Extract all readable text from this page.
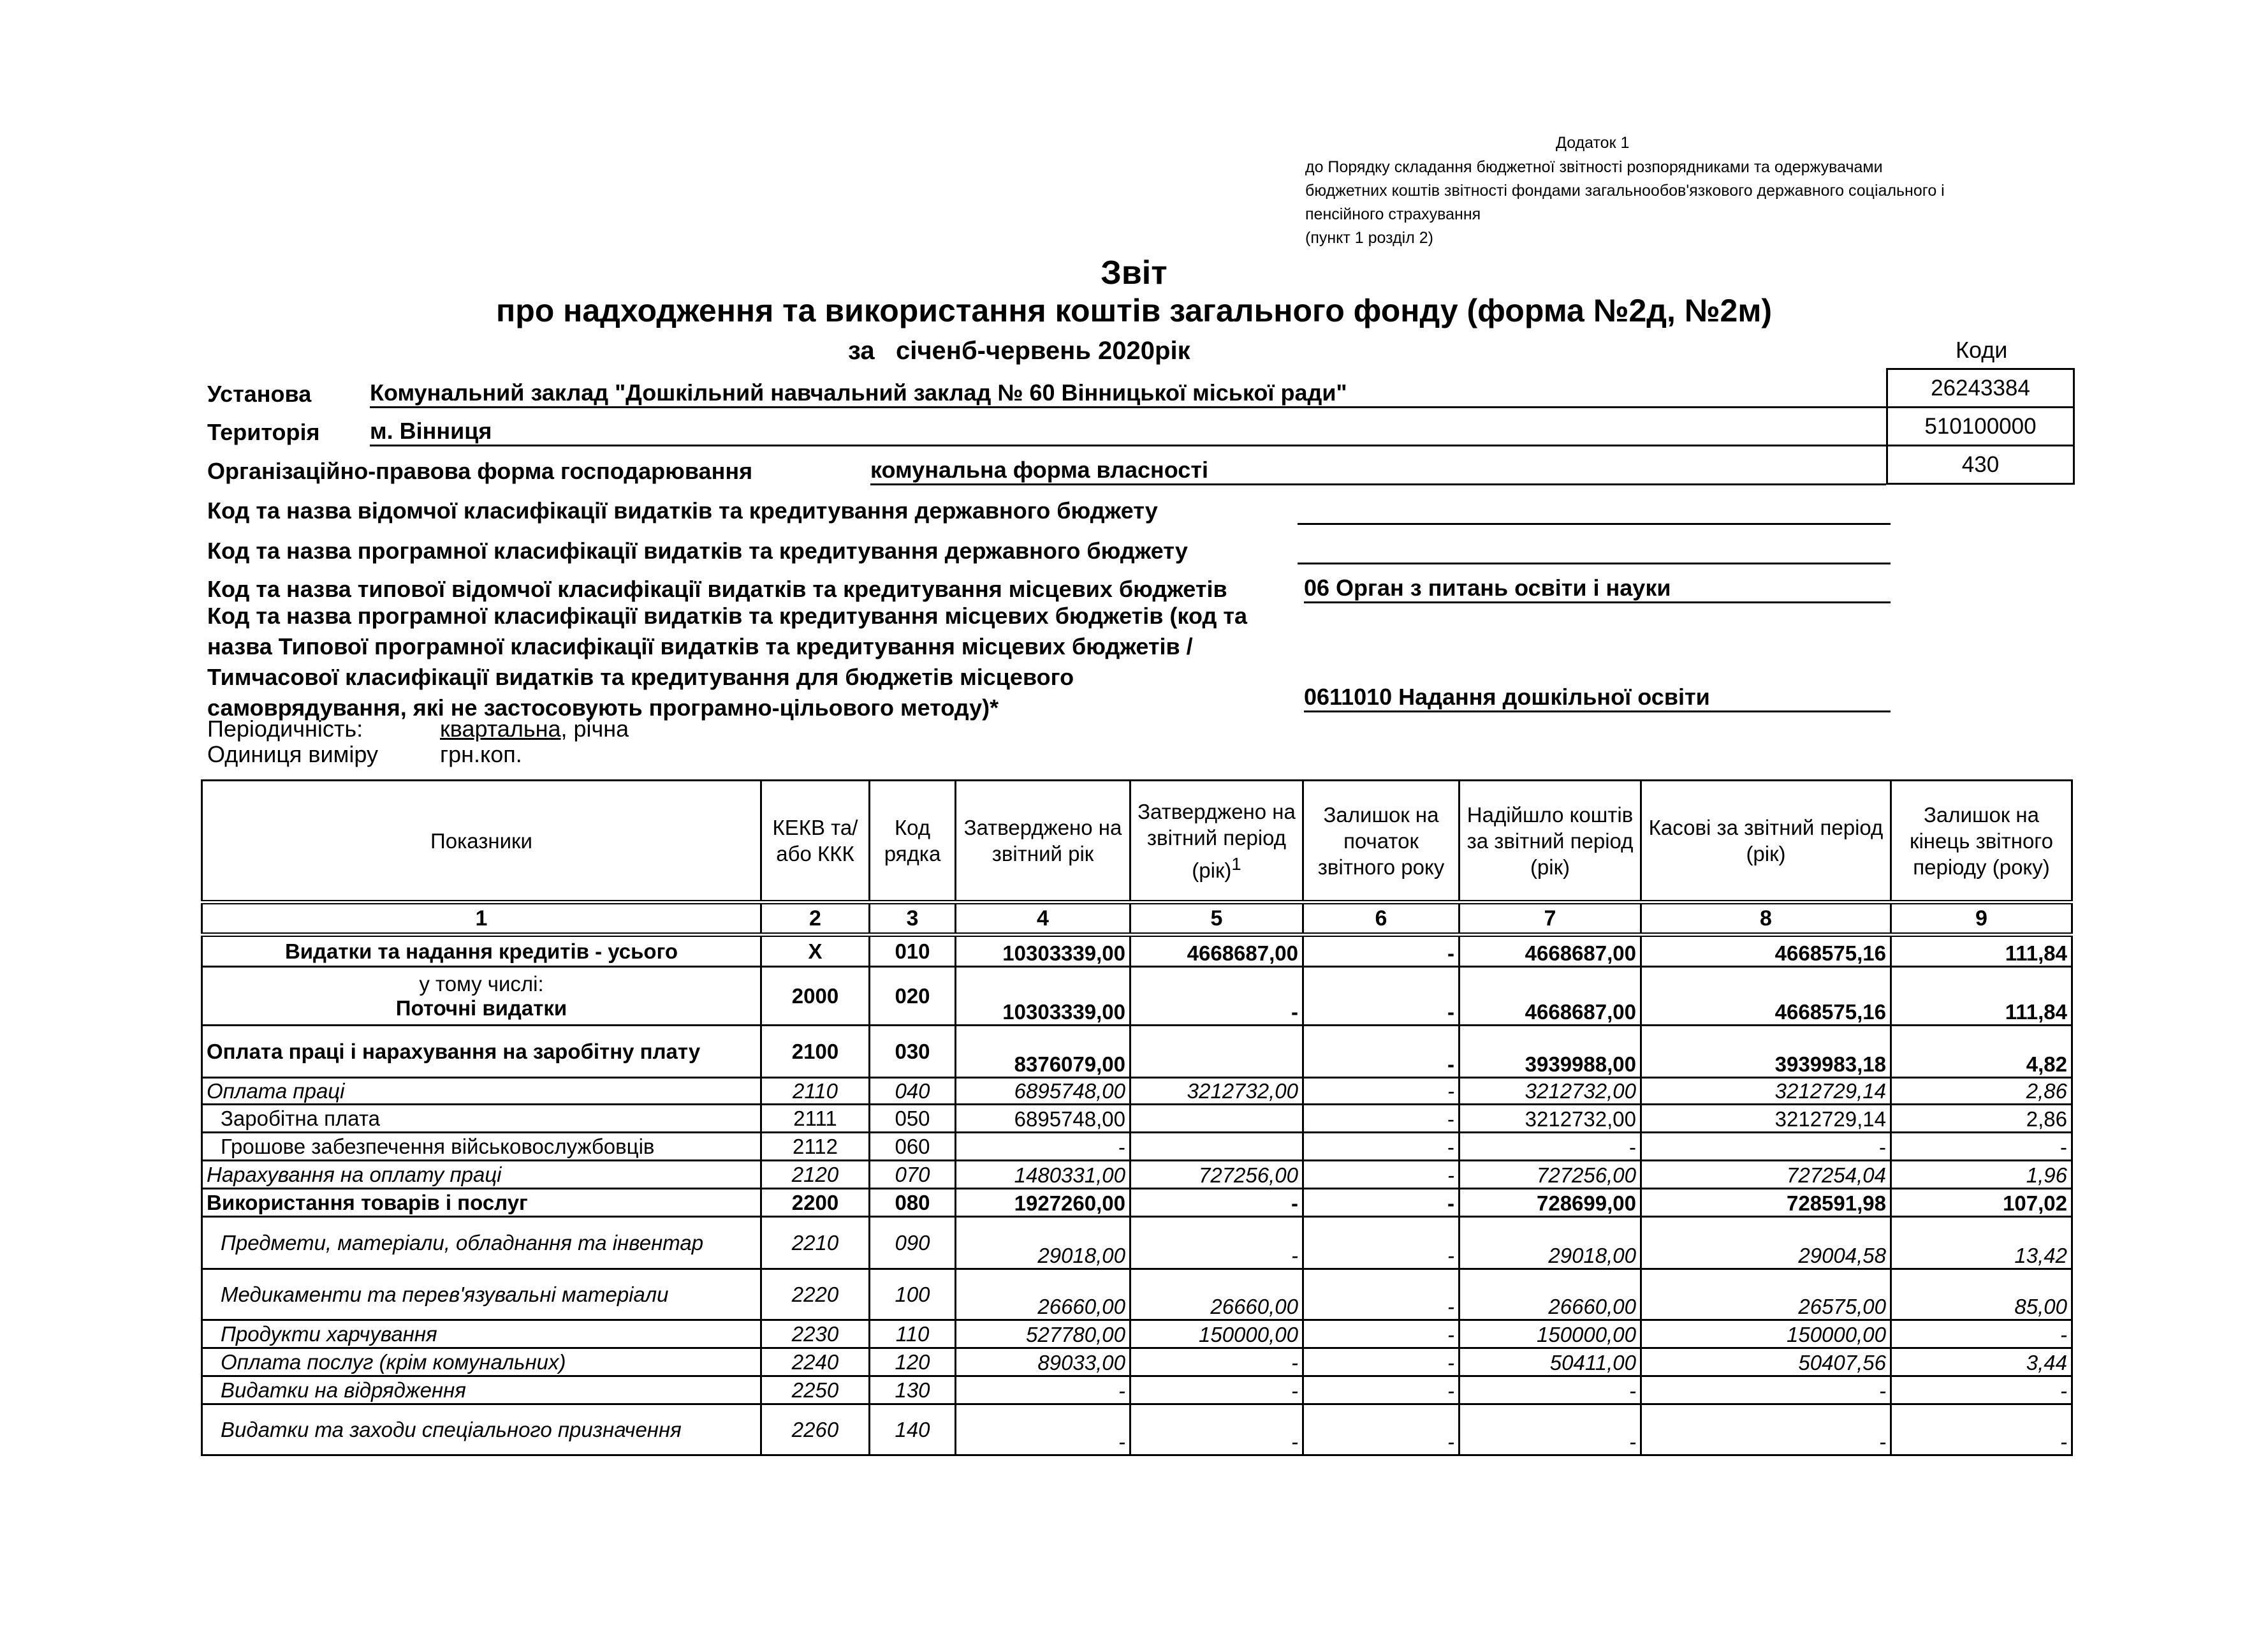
Додаток 1
до Порядку складання бюджетної звітності розпорядниками та одержувачами
бюджетних коштів звітності фондами загальнообов'язкового державного соціального і
пенсійного страхування
(пункт 1 розділ 2)
Звіт
про надходження та використання коштів загального фонду (форма №2д, №2м)
за січенб-червень 2020рік	Коди
26243384
510100000
430
Установа	Комунальний заклад "Дошкільний навчальний заклад № 60 Вінницької міської ради"
Територія м. Вінниця
Організаційно-правова форма господарювання	комунальна форма власності
Код та назва відомчої класифікації видатків та кредитування державного бюджету
Код та назва програмної класифікації видатків та кредитування державного бюджету
Код та назва типової відомчої класифікації видатків та кредитування місцевих бюджетів	06 Орган з питань освіти і науки
Код та назва програмної класифікації видатків та кредитування місцевих бюджетів (код та
назва Типової програмної класифікації видатків та кредитування місцевих бюджетів /
Тимчасової класифікації видатків та кредитування для бюджетів місцевого
самоврядування, які не застосовують програмно-цільового методу)*	0611010 Надання дошкільної освіти
Періодичність:	квартальна, річна
Одиниця виміру	грн.коп.
Показники	КЕКВ та/або ККК	Код рядка	Затверджено на звітний рік	Затверджено на звітний період (рік)$^1$	Залишок на початок звітного року	Надійшло коштів за звітний період (рік)	Касові за звітний період (рік)	Залишок на кінець звітного періоду (року)
1	2	3	4	5	6	7	8	9
Видатки та надання кредитів - усього	X	010	10303339,00	4668687,00	-	4668687,00	4668575,16	111,84

у тому числі:
Поточні видатки	2000	020	10303339,00	-	-	4668687,00	4668575,16	111,84
Оплата праці і нарахування на заробітну плату	2100	030	8376079,00		-	3939988,00	3939983,18	4,82
Оплата праці	2110	040	6895748,00	3212732,00	-	3212732,00	3212729,14	2,86
Заробітна плата	2111	050	6895748,00		-	3212732,00	3212729,14	2,86
Грошове забезпечення військовослужбовців	2112	060	-		-	-	-	-
Нарахування на оплату праці	2120	070	1480331,00	727256,00	-	727256,00	727254,04	1,96
Використання товарів і послуг	2200	080	1927260,00	-	-	728699,00	728591,98	107,02
Предмети, матеріали, обладнання та інвентар	2210	090	29018,00	-	-	29018,00	29004,58	13,42
Медикаменти та перев'язувальні матеріали	2220	100	26660,00	26660,00	-	26660,00	26575,00	85,00
Продукти харчування	2230	110	527780,00	150000,00	-	150000,00	150000,00	-
Оплата послуг (крім комунальних)	2240	120	89033,00	-	-	50411,00	50407,56	3,44
Видатки на відрядження	2250	130	-	-	-	-	-	-
Видатки та заходи спеціального призначення	2260	140	-	-	-	-	-	-
